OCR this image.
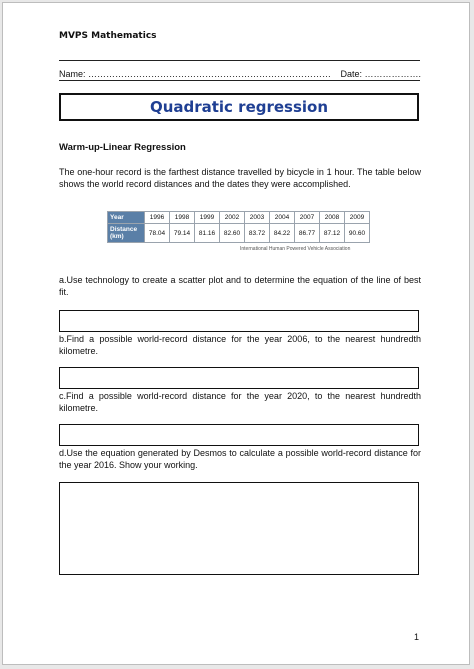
MVPS Mathematics
Name: ……………………………………………………………………… Date: ……………….
Quadratic regression
Warm-up-Linear Regression
The one-hour record is the farthest distance travelled by bicycle in 1 hour. The table below shows the world record distances and the dates they were accomplished.
Year	1996	1998	1999	2002	2003	2004	2007	2008	2009
Distance
(km)	78.04	79.14	81.16	82.60	83.72	84.22	86.77	87.12	90.60
International Human Powered Vehicle Association
a.Use technology to create a scatter plot and to determine the equation of the line of best fit.
b.Find a possible world-record distance for the year 2006, to the nearest hundredth kilometre.
c.Find a possible world-record distance for the year 2020, to the nearest hundredth kilometre.
d.Use the equation generated by Desmos to calculate a possible world-record distance for the year 2016. Show your working.
1
